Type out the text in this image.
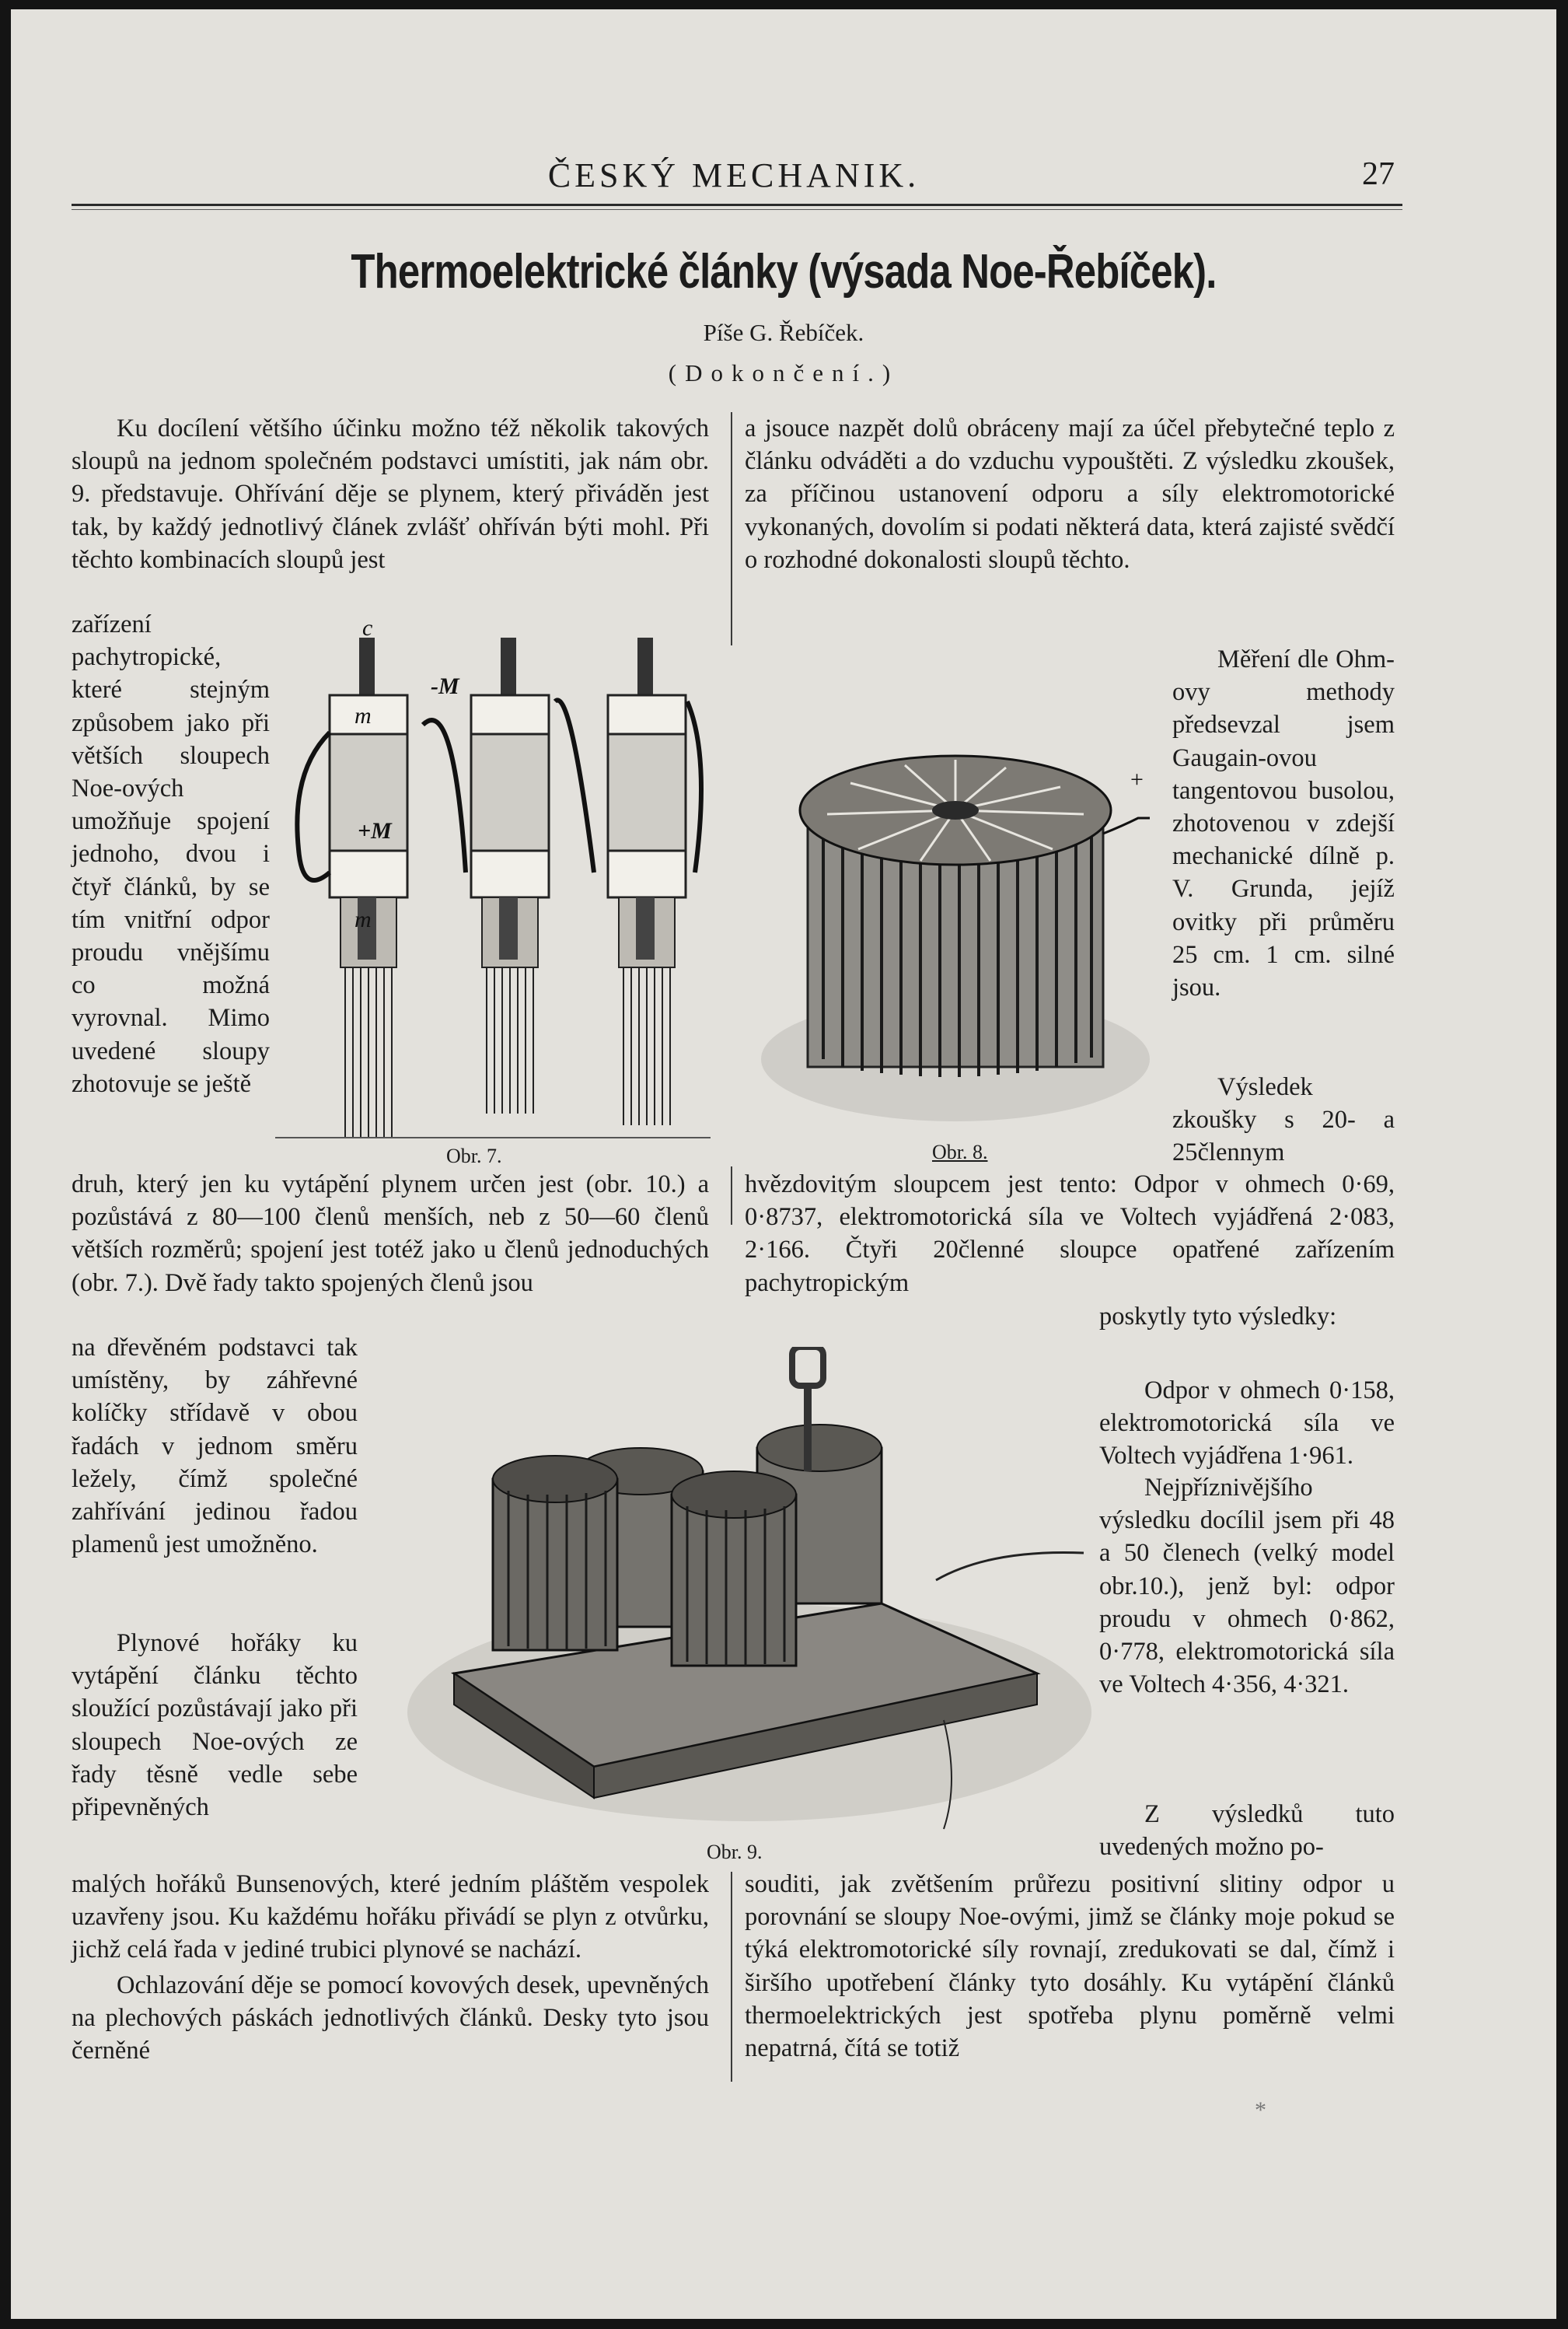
ČESKÝ MECHANIK.	27
Thermoelektrické články (výsada Noe-Řebíček).
Píše G. Řebíček.
(Dokončení.)

Ku docílení většího účinku možno též několik takových sloupů na jednom společném podstavci umístiti, jak nám obr. 9. představuje. Ohřívání děje se plynem, který přiváděn jest tak, by každý jednotlivý článek zvlášť ohříván býti mohl. Při těchto kombinacích sloupů jest

zařízení pachytropické, které stejným způsobem jako při větších sloupech Noe-ových umožňuje spojení jednoho, dvou i čtyř článků, by se tím vnitřní odpor proudu vnějšímu co možná vyrovnal. Mimo uvedené sloupy zhotovuje se ještě

druh, který jen ku vytápění plynem určen jest (obr. 10.) a pozůstává z 80—100 členů menších, neb z 50—60 členů větších rozměrů; spojení jest totéž jako u členů jednoduchých (obr. 7.). Dvě řady takto spojených členů jsou

na dřevěném podstavci tak umístěny, by záhřevné kolíčky střídavě v obou řadách v jednom směru ležely, čímž společné zahřívání jedinou řadou plamenů jest umožněno.

Plynové hořáky ku vytápění článku těchto sloužící pozůstávají jako při sloupech Noe-ových ze řady těsně vedle sebe připevněných

malých hořáků Bunsenových, které jedním pláštěm vespolek uzavřeny jsou. Ku každému hořáku přivádí se plyn z otvůrku, jichž celá řada v jediné trubici plynové se nachází.

Ochlazování děje se pomocí kovových desek, upevněných na plechových páskách jednotlivých článků. Desky tyto jsou černěné

a jsouce nazpět dolů obráceny mají za účel přebytečné teplo z článku odváděti a do vzduchu vypouštěti. Z výsledku zkoušek, za příčinou ustanovení odporu a síly elektromotorické vykonaných, dovolím si podati některá data, která zajisté svědčí o rozhodné dokonalosti sloupů těchto.

Měření dle Ohm-ovy methody předsevzal jsem Gaugain-ovou tangentovou busolou, zhotovenou v zdejší mechanické dílně p. V. Grunda, jejíž ovitky při průměru 25 cm. 1 cm. silné jsou.

Výsledek zkoušky s 20- a 25člennym

hvězdovitým sloupcem jest tento: Odpor v ohmech 0·69, 0·8737, elektromotorická síla ve Voltech vyjádřená 2·083, 2·166. Čtyři 20členné sloupce opatřené zařízením pachytropickým

poskytly tyto výsledky:

Odpor v ohmech 0·158, elektromotorická síla ve Voltech vyjádřena 1·961.

Nejpříznivějšího výsledku docílil jsem při 48 a 50 členech (velký model obr.10.), jenž byl: odpor proudu v ohmech 0·862, 0·778, elektromotorická síla ve Voltech 4·356, 4·321.

Z výsledků tuto uvedených možno po-

souditi, jak zvětšením průřezu positivní slitiny odpor u porovnání se sloupy Noe-ovými, jimž se články moje pokud se týká elektromotorické síly rovnají, zredukovati se dal, čímž i širšího upotřebení články tyto dosáhly. Ku vytápění článků thermoelektrických jest spotřeba plynu poměrně velmi nepatrná, čítá se totiž

c
-M
m
+M
m
Obr. 7.
+
Obr. 8.
Obr. 9.
*
